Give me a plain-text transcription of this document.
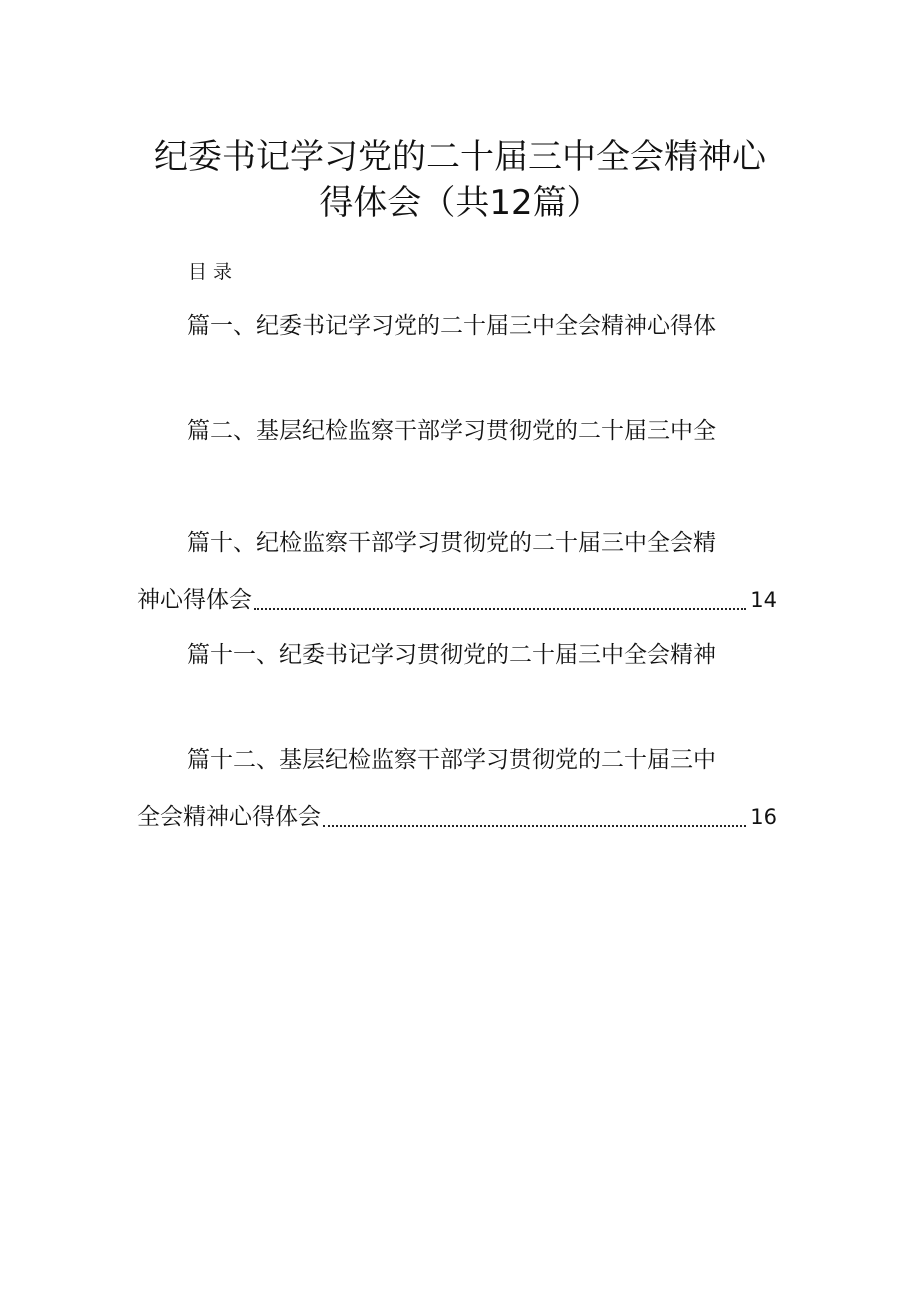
纪委书记学习党的二十届三中全会精神心
得体会（共12篇）
目录
篇一、纪委书记学习党的二十届三中全会精神心得体
篇二、基层纪检监察干部学习贯彻党的二十届三中全
篇十、纪检监察干部学习贯彻党的二十届三中全会精
神心得体会	14
篇十一、纪委书记学习贯彻党的二十届三中全会精神
篇十二、基层纪检监察干部学习贯彻党的二十届三中
全会精神心得体会	16
